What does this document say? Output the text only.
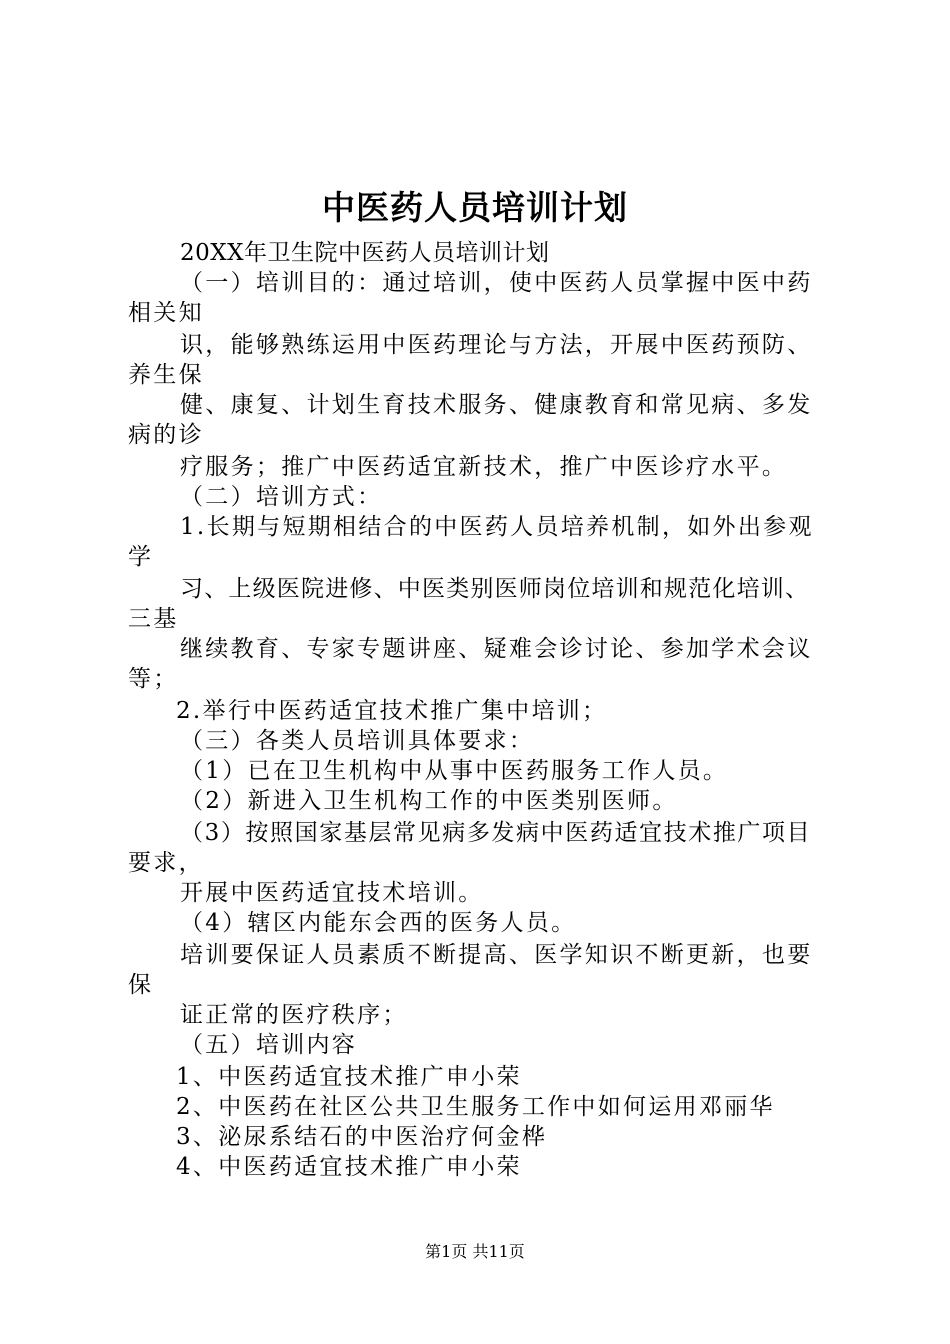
中医药人员培训计划
20XX年卫生院中医药人员培训计划
（一）培训目的：通过培训，使中医药人员掌握中医中药
相关知
识，能够熟练运用中医药理论与方法，开展中医药预防、
养生保
健、康复、计划生育技术服务、健康教育和常见病、多发
病的诊
疗服务；推广中医药适宜新技术，推广中医诊疗水平。
（二）培训方式：
1.长期与短期相结合的中医药人员培养机制，如外出参观
学
习、上级医院进修、中医类别医师岗位培训和规范化培训、
三基
继续教育、专家专题讲座、疑难会诊讨论、参加学术会议
等；
2.举行中医药适宜技术推广集中培训；
（三）各类人员培训具体要求：
（1）已在卫生机构中从事中医药服务工作人员。
（2）新进入卫生机构工作的中医类别医师。
（3）按照国家基层常见病多发病中医药适宜技术推广项目
要求，
开展中医药适宜技术培训。
（4）辖区内能东会西的医务人员。
培训要保证人员素质不断提高、医学知识不断更新，也要
保
证正常的医疗秩序；
（五）培训内容
1、中医药适宜技术推广申小荣
2、中医药在社区公共卫生服务工作中如何运用邓丽华
3、泌尿系结石的中医治疗何金桦
4、中医药适宜技术推广申小荣
第1页 共11页
